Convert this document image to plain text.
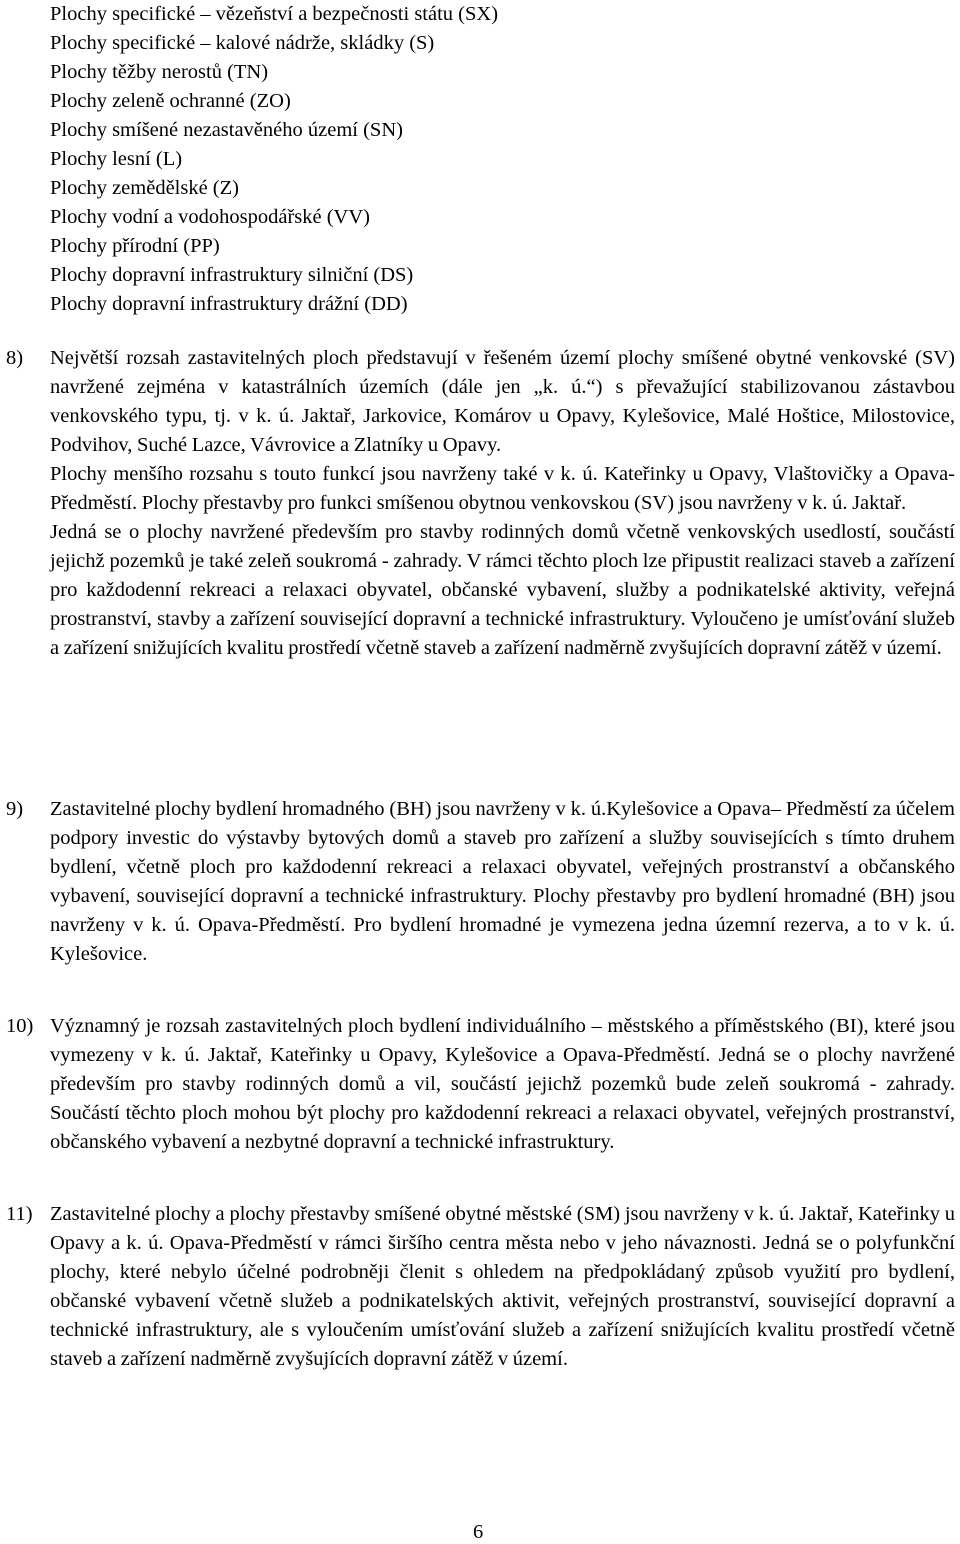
Plochy specifické – vězeňství a bezpečnosti státu (SX)
Plochy specifické – kalové nádrže, skládky (S)
Plochy těžby nerostů (TN)
Plochy zeleně ochranné (ZO)
Plochy smíšené nezastavěného území (SN)
Plochy lesní (L)
Plochy zemědělské (Z)
Plochy vodní a vodohospodářské (VV)
Plochy přírodní (PP)
Plochy dopravní infrastruktury silniční (DS)
Plochy dopravní infrastruktury drážní (DD)
8) Největší rozsah zastavitelných ploch představují v řešeném území plochy smíšené obytné venkovské (SV) navržené zejména v katastrálních územích (dále jen „k. ú.“) s převažující stabilizovanou zástavbou venkovského typu, tj. v k. ú. Jaktař, Jarkovice, Komárov u Opavy, Kylešovice, Malé Hoštice, Milostovice, Podvihov, Suché Lazce, Vávrovice a Zlatníky u Opavy.

Plochy menšího rozsahu s touto funkcí jsou navrženy také v k. ú. Kateřinky u Opavy, Vlaštovičky a Opava-Předměstí. Plochy přestavby pro funkci smíšenou obytnou venkovskou (SV) jsou navrženy v k. ú. Jaktař.

Jedná se o plochy navržené především pro stavby rodinných domů včetně venkovských usedlostí, součástí jejichž pozemků je také zeleň soukromá - zahrady. V rámci těchto ploch lze připustit realizaci staveb a zařízení pro každodenní rekreaci a relaxaci obyvatel, občanské vybavení, služby a podnikatelské aktivity, veřejná prostranství, stavby a zařízení související dopravní a technické infrastruktury. Vyloučeno je umísťování služeb a zařízení snižujících kvalitu prostředí včetně staveb a zařízení nadměrně zvyšujících dopravní zátěž v území.

9) Zastavitelné plochy bydlení hromadného (BH) jsou navrženy v k. ú.Kylešovice a Opava– Předměstí za účelem podpory investic do výstavby bytových domů a staveb pro zařízení a služby souvisejících s tímto druhem bydlení, včetně ploch pro každodenní rekreaci a relaxaci obyvatel, veřejných prostranství a občanského vybavení, související dopravní a technické infrastruktury. Plochy přestavby pro bydlení hromadné (BH) jsou navrženy v k. ú. Opava-Předměstí. Pro bydlení hromadné je vymezena jedna územní rezerva, a to v k. ú. Kylešovice.

10) Významný je rozsah zastavitelných ploch bydlení individuálního – městského a příměstského (BI), které jsou vymezeny v k. ú. Jaktař, Kateřinky u Opavy, Kylešovice a Opava-Předměstí. Jedná se o plochy navržené především pro stavby rodinných domů a vil, součástí jejichž pozemků bude zeleň soukromá - zahrady. Součástí těchto ploch mohou být plochy pro každodenní rekreaci a relaxaci obyvatel, veřejných prostranství, občanského vybavení a nezbytné dopravní a technické infrastruktury.

11) Zastavitelné plochy a plochy přestavby smíšené obytné městské (SM) jsou navrženy v k. ú. Jaktař, Kateřinky u Opavy a k. ú. Opava-Předměstí v rámci širšího centra města nebo v jeho návaznosti. Jedná se o polyfunkční plochy, které nebylo účelné podrobněji členit s ohledem na předpokládaný způsob využití pro bydlení, občanské vybavení včetně služeb a podnikatelských aktivit, veřejných prostranství, související dopravní a technické infrastruktury, ale s vyloučením umísťování služeb a zařízení snižujících kvalitu prostředí včetně staveb a zařízení nadměrně zvyšujících dopravní zátěž v území.

6
